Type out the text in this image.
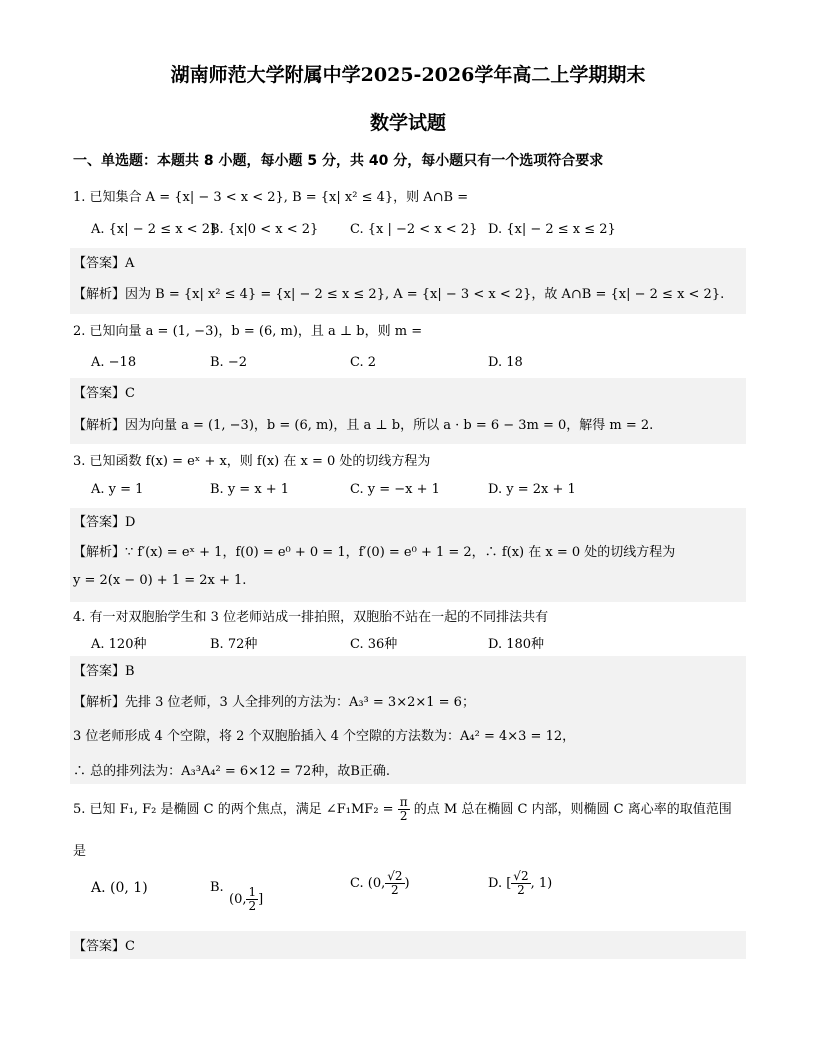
湖南师范大学附属中学2025-2026学年高二上学期期末
数学试题
一、单选题：本题共 8 小题，每小题 5 分，共 40 分，每小题只有一个选项符合要求
1. 已知集合 A = {x| − 3 < x < 2}, B = {x| x² ≤ 4}，则 A∩B =
A. {x| − 2 ≤ x < 2}
B. {x|0 < x < 2} C. {x | −2 < x < 2} D. {x| − 2 ≤ x ≤ 2}
【答案】A
【解析】因为 B = {x| x² ≤ 4} = {x| − 2 ≤ x ≤ 2}, A = {x| − 3 < x < 2}，故 A∩B = {x| − 2 ≤ x < 2}.
2. 已知向量 a = (1, −3)，b = (6, m)，且 a ⊥ b，则 m =
A. −18	B. −2	C. 2	D. 18
【答案】C
【解析】因为向量 a = (1, −3)，b = (6, m)，且 a ⊥ b，所以 a · b = 6 − 3m = 0，解得 m = 2.
3. 已知函数 f(x) = eˣ + x，则 f(x) 在 x = 0 处的切线方程为
A. y = 1	B. y = x + 1	C. y = −x + 1	D. y = 2x + 1
【答案】D
【解析】∵ f′(x) = eˣ + 1，f(0) = e⁰ + 0 = 1，f′(0) = e⁰ + 1 = 2，∴ f(x) 在 x = 0 处的切线方程为
y = 2(x − 0) + 1 = 2x + 1.
4. 有一对双胞胎学生和 3 位老师站成一排拍照，双胞胎不站在一起的不同排法共有
A. 120种	B. 72种	C. 36种	D. 180种
【答案】B
【解析】先排 3 位老师，3 人全排列的方法为：A₃³ = 3×2×1 = 6；
3 位老师形成 4 个空隙，将 2 个双胞胎插入 4 个空隙的方法数为：A₄² = 4×3 = 12，
∴ 总的排列法为：A₃³A₄² = 6×12 = 72种，故B正确.
5. 已知 F₁, F₂ 是椭圆 C 的两个焦点，满足 ∠F₁MF₂ = $\frac{\pi}{2}$ 的点 M 总在椭圆 C 内部，则椭圆 C 离心率的取值范围
是
A. (0, 1)	B.
(0, $\frac{1}{2}$ ]
C. (0, $\frac{√2}{2}$ )	D. [ $\frac{√2}{2}$ , 1)
【答案】C
